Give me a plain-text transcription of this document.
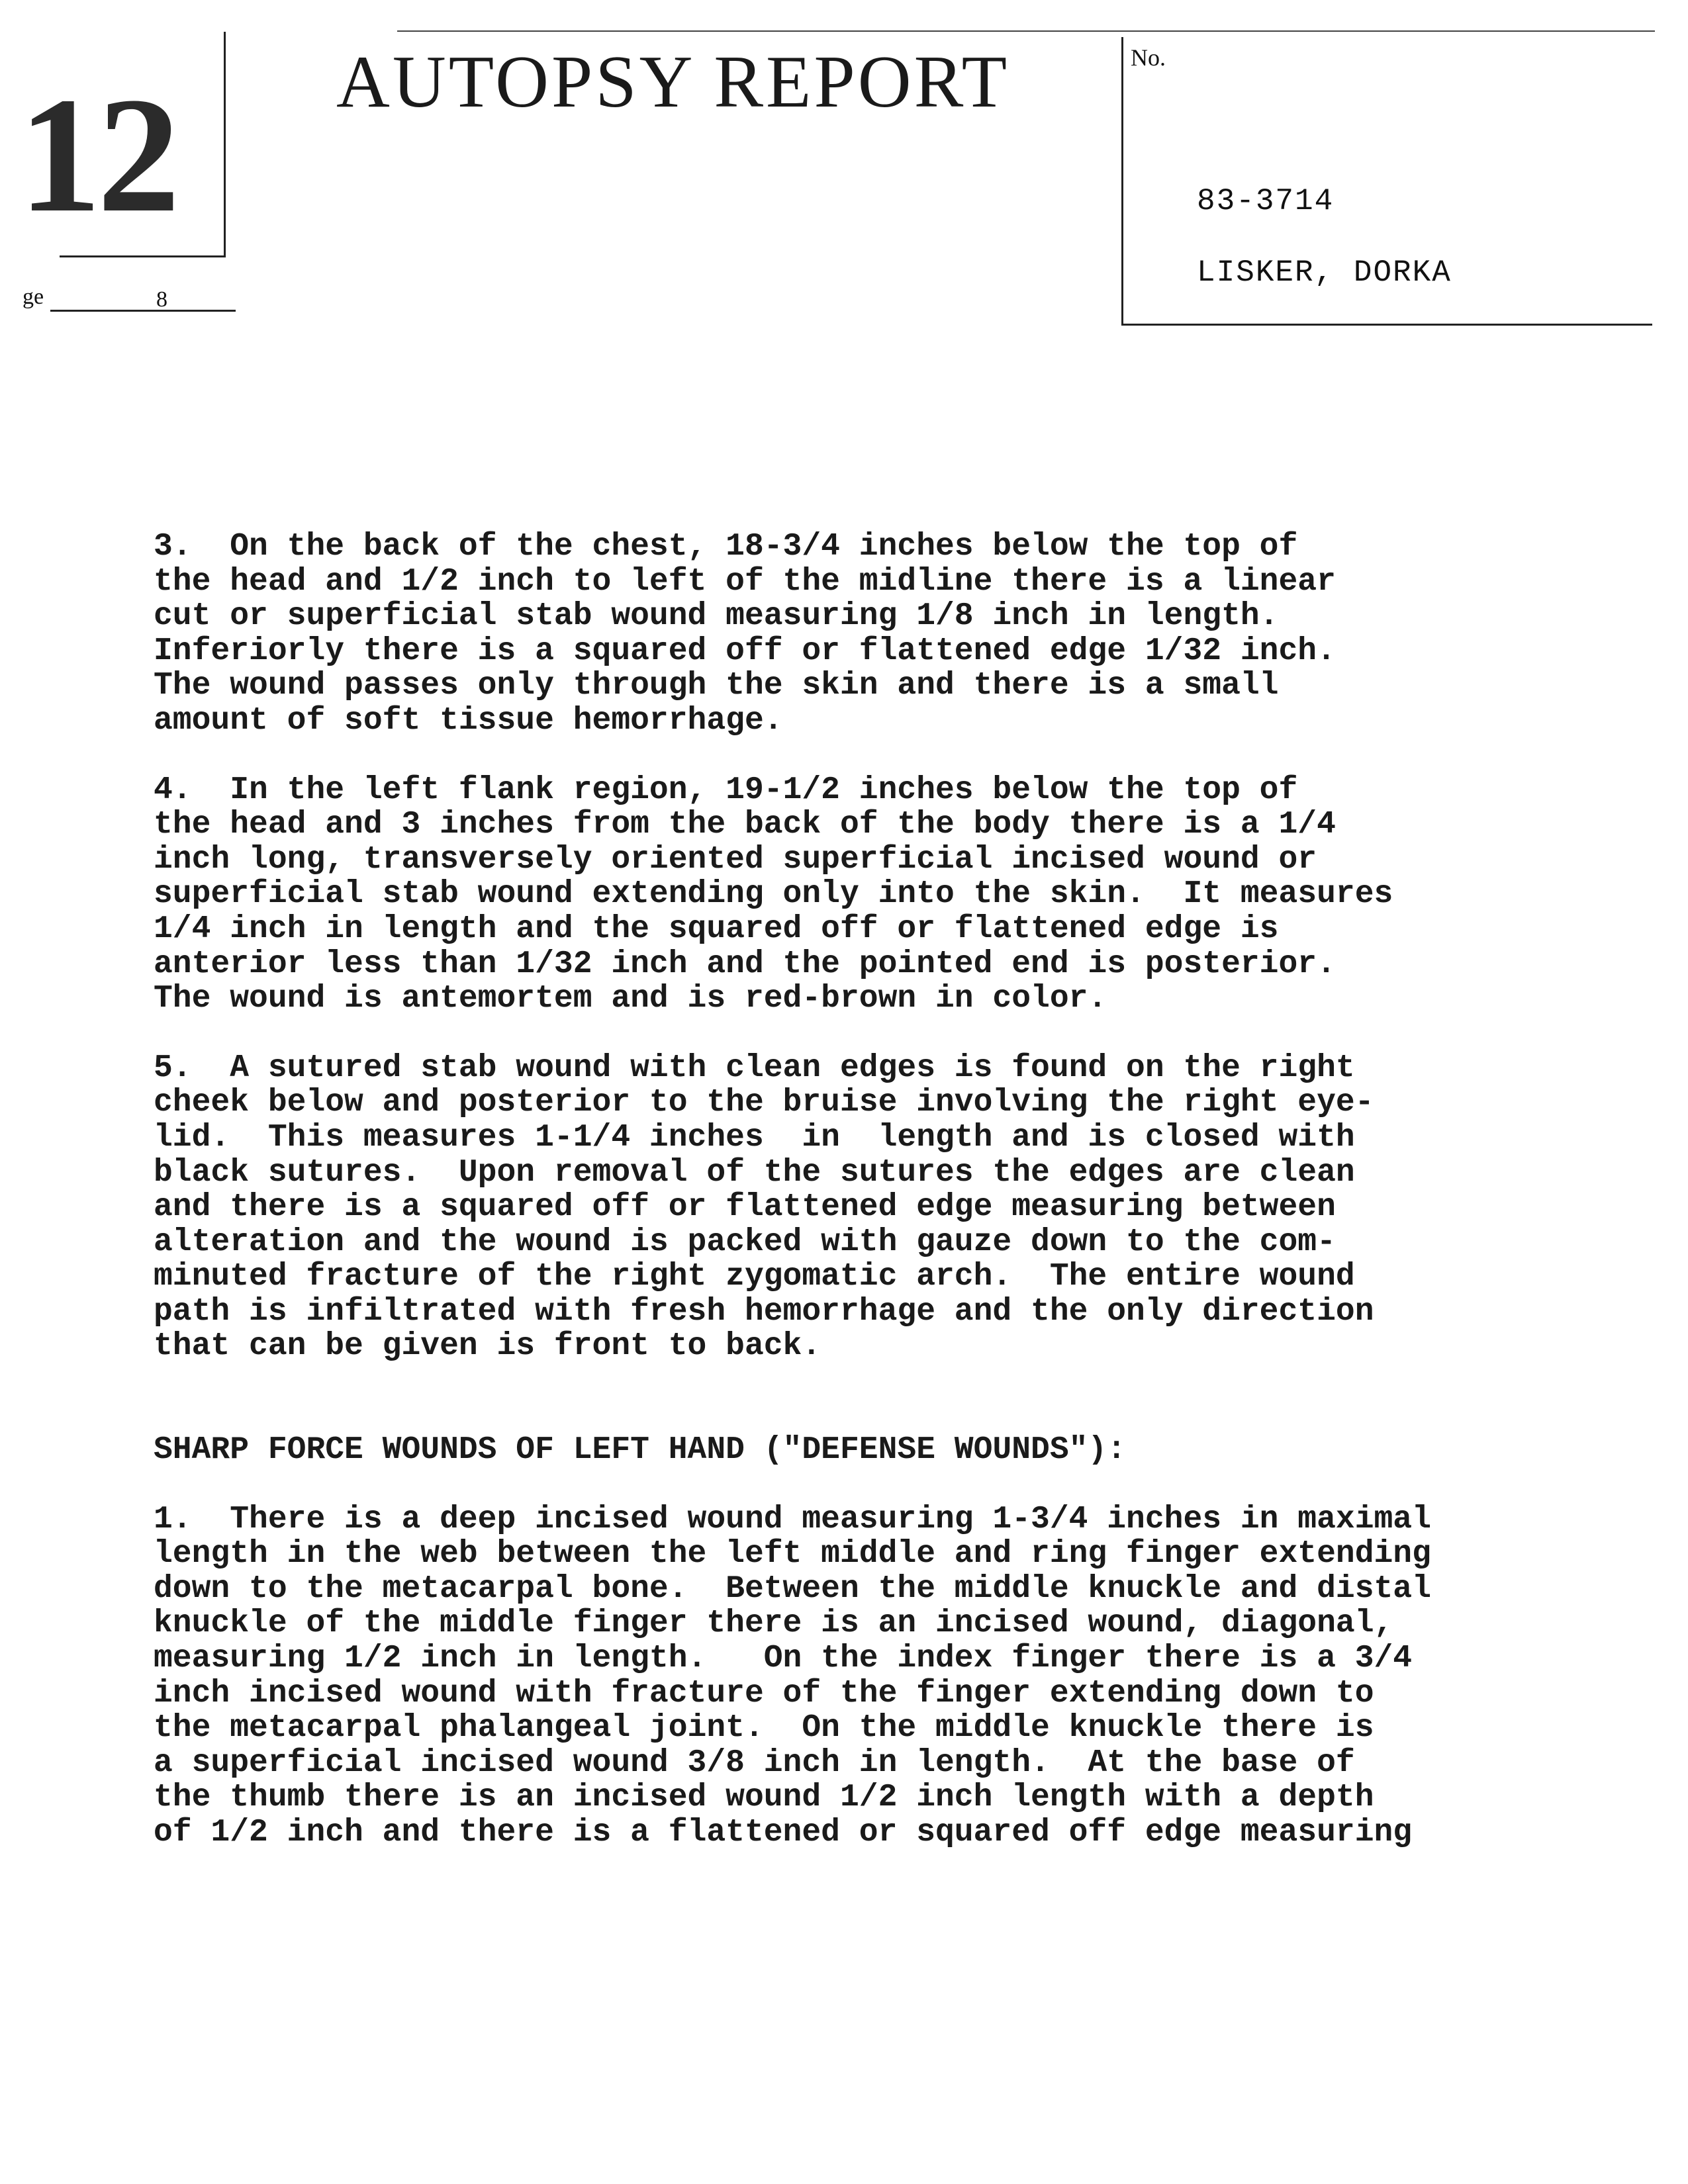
12
ge	8
AUTOPSY REPORT	No.
83-3714
LISKER, DORKA
3.  On the back of the chest, 18-3/4 inches below the top of
the head and 1/2 inch to left of the midline there is a linear
cut or superficial stab wound measuring 1/8 inch in length.
Inferiorly there is a squared off or flattened edge 1/32 inch.
The wound passes only through the skin and there is a small
amount of soft tissue hemorrhage.
4.  In the left flank region, 19-1/2 inches below the top of
the head and 3 inches from the back of the body there is a 1/4
inch long, transversely oriented superficial incised wound or
superficial stab wound extending only into the skin.  It measures
1/4 inch in length and the squared off or flattened edge is
anterior less than 1/32 inch and the pointed end is posterior.
The wound is antemortem and is red-brown in color.
5.  A sutured stab wound with clean edges is found on the right
cheek below and posterior to the bruise involving the right eye-
lid.  This measures 1-1/4 inches  in  length and is closed with
black sutures.  Upon removal of the sutures the edges are clean
and there is a squared off or flattened edge measuring between
alteration and the wound is packed with gauze down to the com-
minuted fracture of the right zygomatic arch.  The entire wound
path is infiltrated with fresh hemorrhage and the only direction
that can be given is front to back.
SHARP FORCE WOUNDS OF LEFT HAND ("DEFENSE WOUNDS"):
1.  There is a deep incised wound measuring 1-3/4 inches in maximal
length in the web between the left middle and ring finger extending
down to the metacarpal bone.  Between the middle knuckle and distal
knuckle of the middle finger there is an incised wound, diagonal,
measuring 1/2 inch in length.   On the index finger there is a 3/4
inch incised wound with fracture of the finger extending down to
the metacarpal phalangeal joint.  On the middle knuckle there is
a superficial incised wound 3/8 inch in length.  At the base of
the thumb there is an incised wound 1/2 inch length with a depth
of 1/2 inch and there is a flattened or squared off edge measuring
